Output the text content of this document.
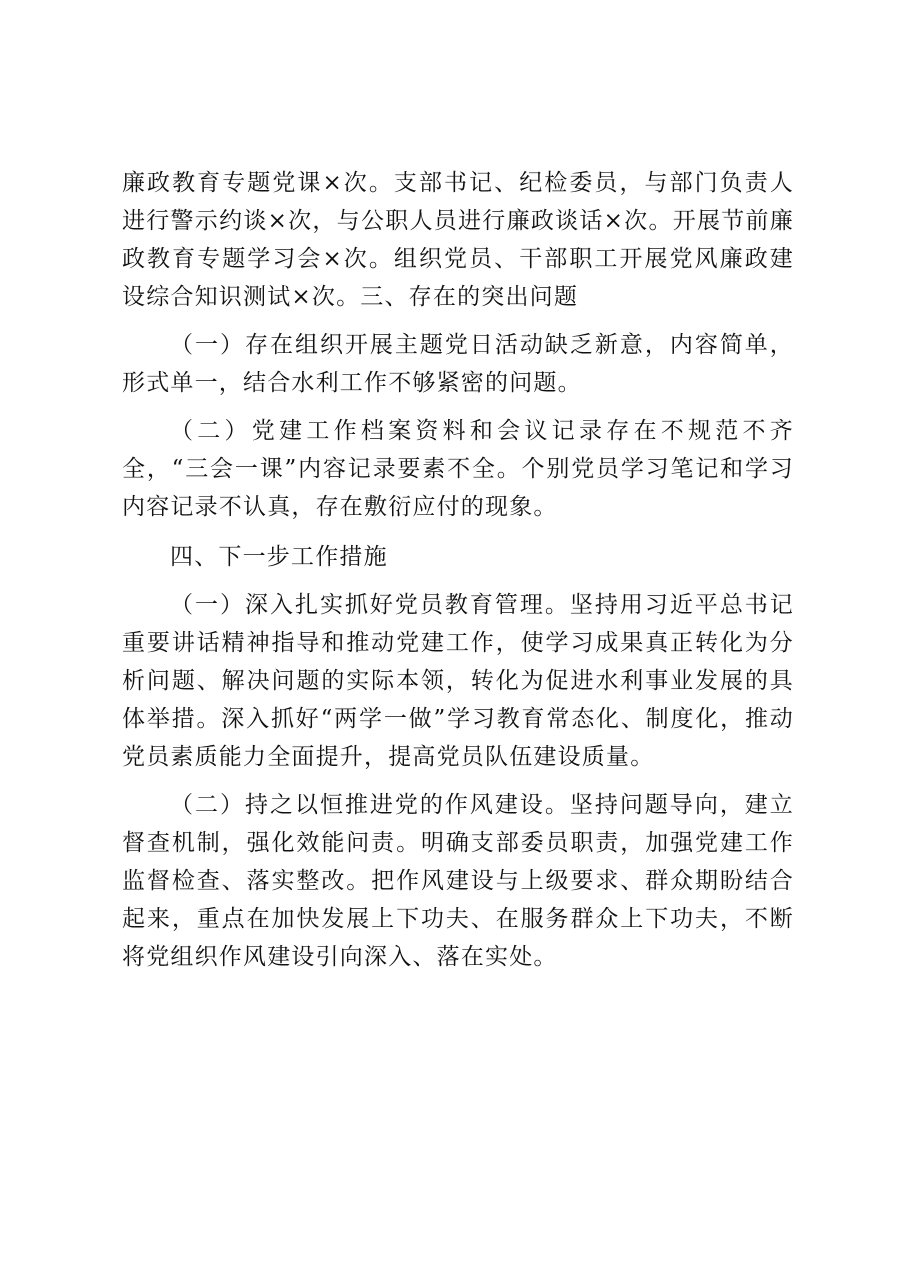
廉政教育专题党课×次。支部书记、纪检委员，与部门负责人进行警示约谈×次，与公职人员进行廉政谈话×次。开展节前廉政教育专题学习会×次。组织党员、干部职工开展党风廉政建设综合知识测试×次。三、存在的突出问题

（一）存在组织开展主题党日活动缺乏新意，内容简单，形式单一，结合水利工作不够紧密的问题。

（二）党建工作档案资料和会议记录存在不规范不齐全，“三会一课”内容记录要素不全。个别党员学习笔记和学习内容记录不认真，存在敷衍应付的现象。

四、下一步工作措施

（一）深入扎实抓好党员教育管理。坚持用习近平总书记重要讲话精神指导和推动党建工作，使学习成果真正转化为分析问题、解决问题的实际本领，转化为促进水利事业发展的具体举措。深入抓好“两学一做”学习教育常态化、制度化，推动党员素质能力全面提升，提高党员队伍建设质量。

（二）持之以恒推进党的作风建设。坚持问题导向，建立督查机制，强化效能问责。明确支部委员职责，加强党建工作监督检查、落实整改。把作风建设与上级要求、群众期盼结合起来，重点在加快发展上下功夫、在服务群众上下功夫，不断将党组织作风建设引向深入、落在实处。
